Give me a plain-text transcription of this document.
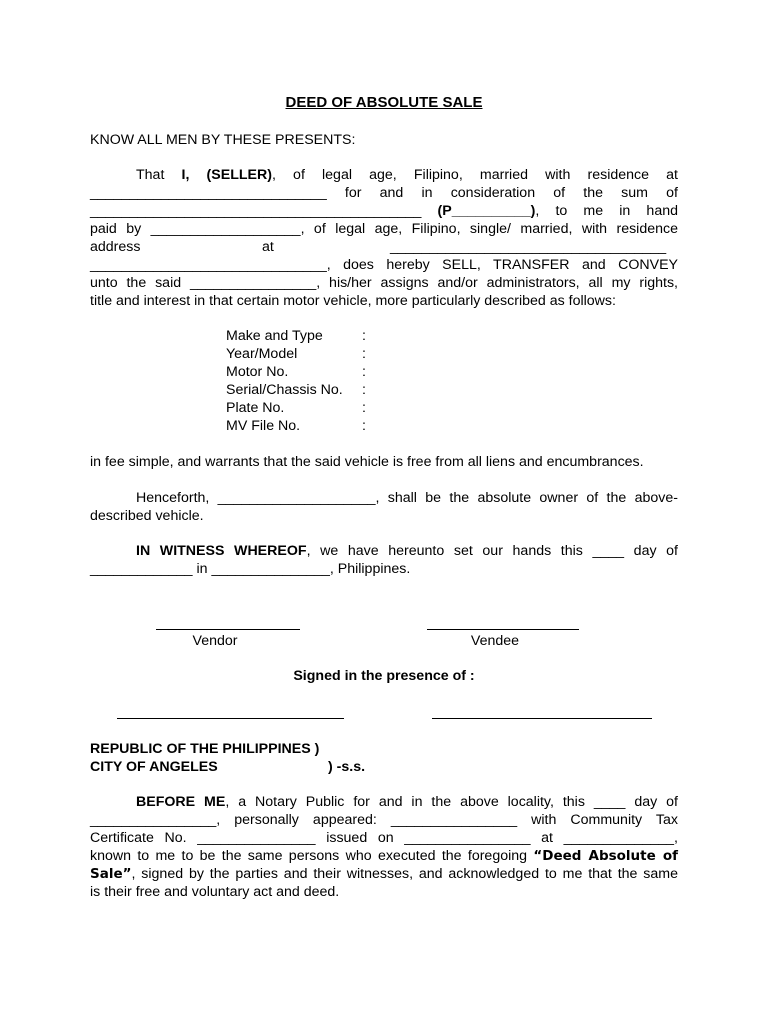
DEED OF ABSOLUTE SALE
KNOW ALL MEN BY THESE PRESENTS:
That I, (SELLER), of legal age, Filipino, married with residence at
______________________________ for and in consideration of the sum of
__________________________________________ (P__________), to me in hand
paid by ___________________, of legal age, Filipino, single/ married, with residence
address	at	___________________________________
______________________________, does hereby SELL, TRANSFER and CONVEY
unto the said ________________, his/her assigns and/or administrators, all my rights,
title and interest in that certain motor vehicle, more particularly described as follows:
Make and Type	:
Year/Model	:
Motor No.	:
Serial/Chassis No. :
Plate No.	:
MV File No.	:
in fee simple, and warrants that the said vehicle is free from all liens and encumbrances.
Henceforth, ____________________, shall be the absolute owner of the above-
described vehicle.
IN WITNESS WHEREOF, we have hereunto set our hands this ____ day of
_____________ in _______________, Philippines.
Vendor	Vendee
Signed in the presence of :
REPUBLIC OF THE PHILIPPINES )
CITY OF ANGELES	) -s.s.
BEFORE ME, a Notary Public for and in the above locality, this ____ day of
________________, personally appeared: ________________ with Community Tax
Certificate No. _______________ issued on ________________ at ______________,
known to me to be the same persons who executed the foregoing “Deed Absolute of
Sale”, signed by the parties and their witnesses, and acknowledged to me that the same
is their free and voluntary act and deed.
